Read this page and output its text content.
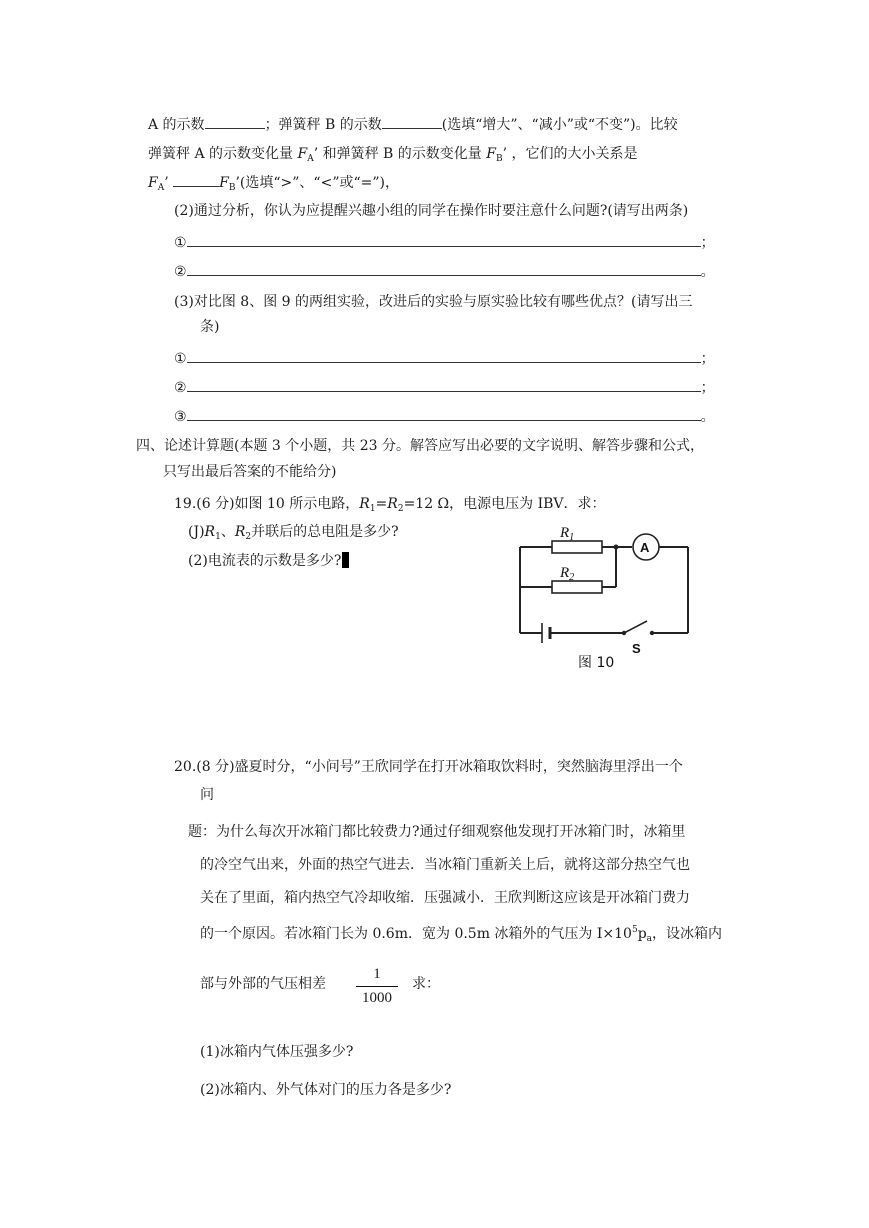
A 的示数	；弹簧秤 B 的示数	(选填“增大”、“减小”或“不变”)。比较
弹簧秤 A 的示数变化量 $F_A$’ 和弹簧秤 B 的示数变化量 $F_B$’ ，它们的大小关系是
$F_A$’	$F_B$’(选填“>”、“<”或“=”)，
(2)通过分析，你认为应提醒兴趣小组的同学在操作时要注意什么问题?(请写出两条)
①	；
②	。
(3)对比图 8、图 9 的两组实验，改进后的实验与原实验比较有哪些优点？(请写出三
条)
①	；
②	；
③	。
四、论述计算题(本题 3 个小题，共 23 分。解答应写出必要的文字说明、解答步骤和公式，
只写出最后答案的不能给分)
19.(6 分)如图 10 所示电路，$R_1=R_2=12$ Ω，电源电压为 IBV．求：
$(J)R_1$、$R_2$并联后的总电阻是多少?
(2)电流表的示数是多少?
$R_1$
$R_2$
A
S
图 10
20.(8 分)盛夏时分，“小问号”王欣同学在打开冰箱取饮料时，突然脑海里浮出一个
问
题：为什么每次开冰箱门都比较费力?通过仔细观察他发现打开冰箱门时，冰箱里
的冷空气出来，外面的热空气进去．当冰箱门重新关上后，就将这部分热空气也
关在了里面，箱内热空气冷却收缩．压强减小．王欣判断这应该是开冰箱门费力
的一个原因。若冰箱门长为 0.6m．宽为 0.5m 冰箱外的气压为 $I\times 10^5p_a$，设冰箱内
部与外部的气压相差
1
1000
求：
(1)冰箱内气体压强多少?
(2)冰箱内、外气体对门的压力各是多少?
